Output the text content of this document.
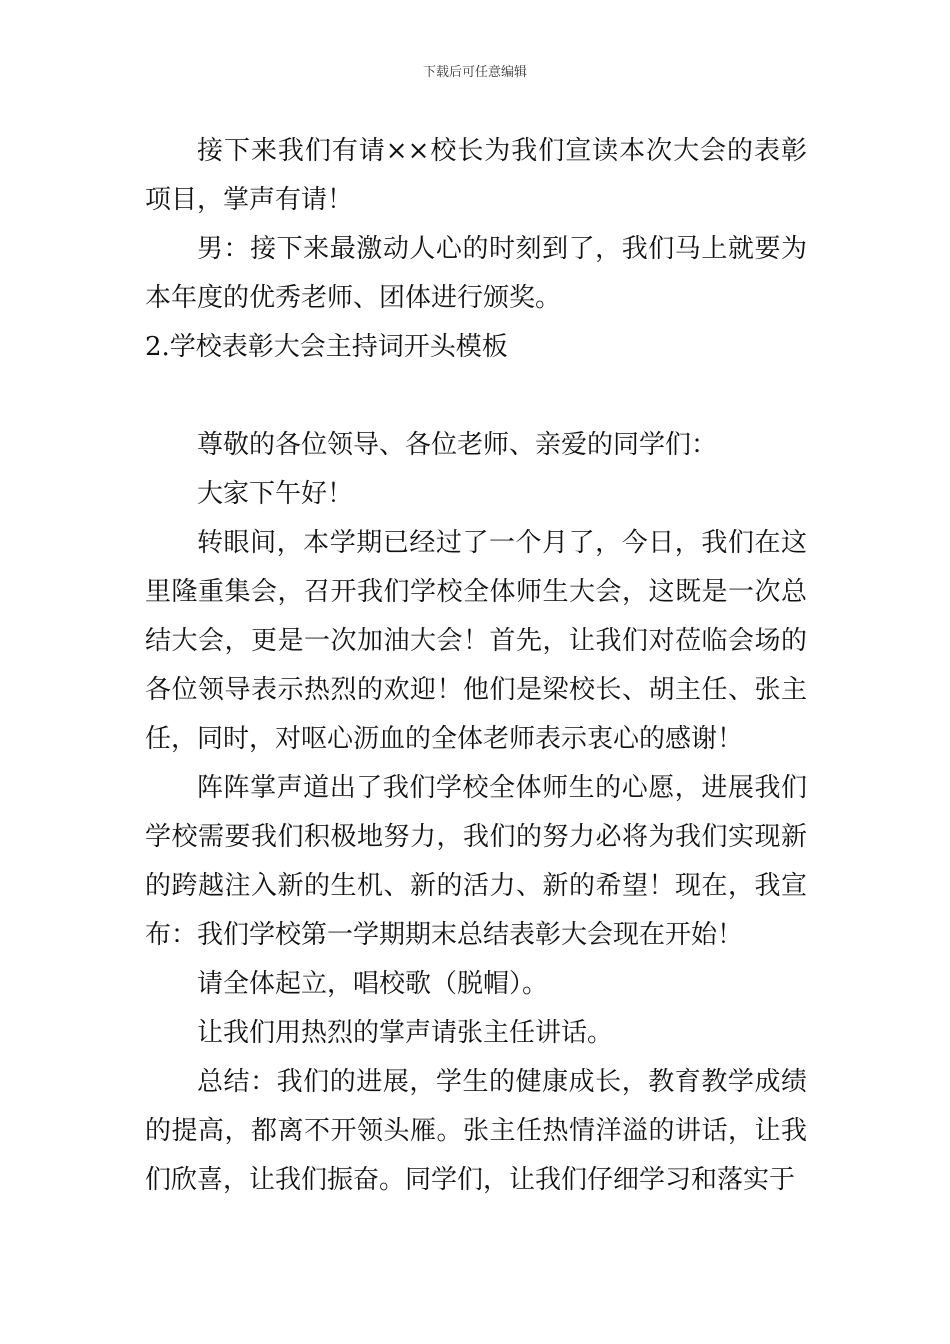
下载后可任意编辑

接下来我们有请××校长为我们宣读本次大会的表彰项目，掌声有请！

男：接下来最激动人心的时刻到了，我们马上就要为本年度的优秀老师、团体进行颁奖。

2.学校表彰大会主持词开头模板

尊敬的各位领导、各位老师、亲爱的同学们：

大家下午好！

转眼间，本学期已经过了一个月了，今日，我们在这里隆重集会，召开我们学校全体师生大会，这既是一次总结大会，更是一次加油大会！首先，让我们对莅临会场的各位领导表示热烈的欢迎！他们是梁校长、胡主任、张主任，同时，对呕心沥血的全体老师表示衷心的感谢！

阵阵掌声道出了我们学校全体师生的心愿，进展我们学校需要我们积极地努力，我们的努力必将为我们实现新的跨越注入新的生机、新的活力、新的希望！现在，我宣布：我们学校第一学期期末总结表彰大会现在开始！

请全体起立，唱校歌（脱帽）。

让我们用热烈的掌声请张主任讲话。

总结：我们的进展，学生的健康成长，教育教学成绩的提高，都离不开领头雁。张主任热情洋溢的讲话，让我们欣喜，让我们振奋。同学们，让我们仔细学习和落实于
